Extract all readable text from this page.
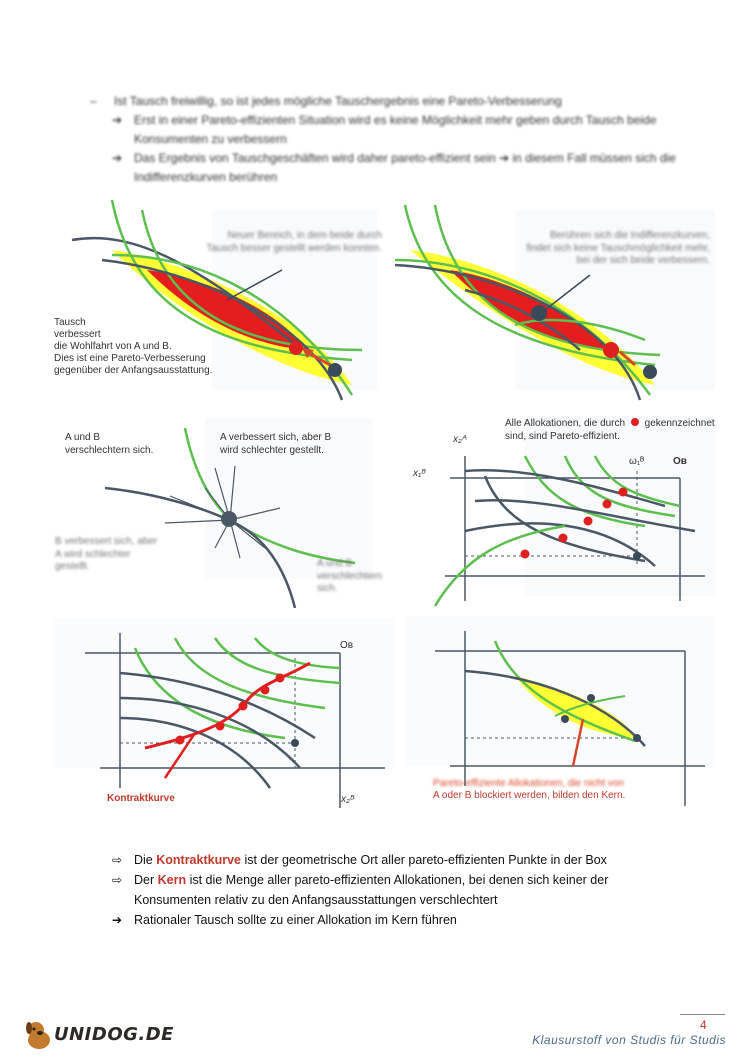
– Ist Tausch freiwillig, so ist jedes mögliche Tauschergebnis eine Pareto-Verbesserung
➔ Erst in einer Pareto-effizienten Situation wird es keine Möglichkeit mehr geben durch Tausch beide Konsumenten zu verbessern
➔ Das Ergebnis von Tauschgeschäften wird daher pareto-effizient sein ➔ in diesem Fall müssen sich die Indifferenzkurven berühren
Neuer Bereich, in dem beide durch Tausch besser gestellt werden konnten.
Tausch
verbessert
die Wohlfahrt von A und B.
Dies ist eine Pareto-Verbesserung
gegenüber der Anfangsausstattung.
Berühren sich die Indifferenzkurven, findet sich keine Tauschmöglichkeit mehr, bei der sich beide verbessern.
A und B verschlechtern sich.
A verbessert sich, aber B wird schlechter gestellt.
B verbessert sich, aber A wird schlechter gestellt.	A und B verschlechtern sich.
Alle Allokationen, die durch gekennzeichnet sind, sind Pareto-effizient.
x₂ᴬ
x₁ᴮ
ω₁ᴮ	Oʙ
Kontraktkurve	x₂ᴮ
Oʙ
Pareto-effiziente Allokationen, die nicht von
A oder B blockiert werden, bilden den Kern.
⇨ Die Kontraktkurve ist der geometrische Ort aller pareto-effizienten Punkte in der Box
⇨ Der Kern ist die Menge aller pareto-effizienten Allokationen, bei denen sich keiner der Konsumenten relativ zu den Anfangsausstattungen verschlechtert
➔ Rationaler Tausch sollte zu einer Allokation im Kern führen
UNIDOG.DE	4
Klausurstoff von Studis für Studis
